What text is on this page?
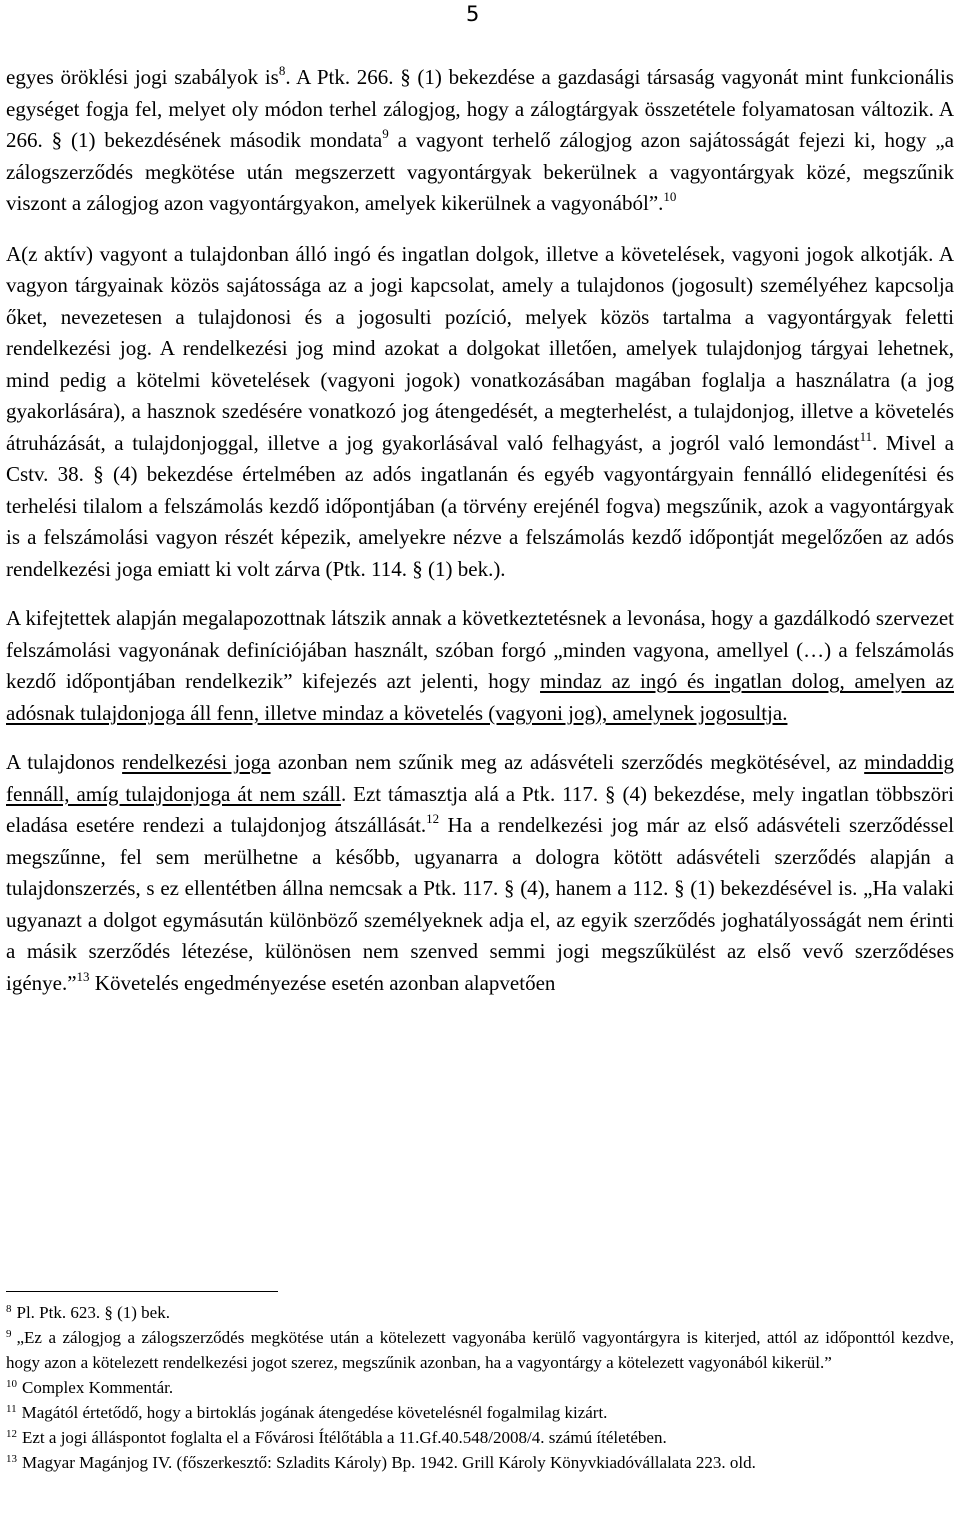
5

egyes öröklési jogi szabályok is$^8$. A Ptk. 266. § (1) bekezdése a gazdasági társaság vagyonát mint funkcionális egységet fogja fel, melyet oly módon terhel zálogjog, hogy a zálogtárgyak összetétele folyamatosan változik. A 266. § (1) bekezdésének második mondata$^9$ a vagyont terhelő zálogjog azon sajátosságát fejezi ki, hogy „a zálogszerződés megkötése után megszerzett vagyontárgyak bekerülnek a vagyontárgyak közé, megszűnik viszont a zálogjog azon vagyontárgyakon, amelyek kikerülnek a vagyonából”.$^{10}$

A(z aktív) vagyont a tulajdonban álló ingó és ingatlan dolgok, illetve a követelések, vagyoni jogok alkotják. A vagyon tárgyainak közös sajátossága az a jogi kapcsolat, amely a tulajdonos (jogosult) személyéhez kapcsolja őket, nevezetesen a tulajdonosi és a jogosulti pozíció, melyek közös tartalma a vagyontárgyak feletti rendelkezési jog. A rendelkezési jog mind azokat a dolgokat illetően, amelyek tulajdonjog tárgyai lehetnek, mind pedig a kötelmi követelések (vagyoni jogok) vonatkozásában magában foglalja a használatra (a jog gyakorlására), a hasznok szedésére vonatkozó jog átengedését, a megterhelést, a tulajdonjog, illetve a követelés átruházását, a tulajdonjoggal, illetve a jog gyakorlásával való felhagyást, a jogról való lemondást$^{11}$. Mivel a Cstv. 38. § (4) bekezdése értelmében az adós ingatlanán és egyéb vagyontárgyain fennálló elidegenítési és terhelési tilalom a felszámolás kezdő időpontjában (a törvény erejénél fogva) megszűnik, azok a vagyontárgyak is a felszámolási vagyon részét képezik, amelyekre nézve a felszámolás kezdő időpontját megelőzően az adós rendelkezési joga emiatt ki volt zárva (Ptk. 114. § (1) bek.).

A kifejtettek alapján megalapozottnak látszik annak a következtetésnek a levonása, hogy a gazdálkodó szervezet felszámolási vagyonának definíciójában használt, szóban forgó „minden vagyona, amellyel (…) a felszámolás kezdő időpontjában rendelkezik” kifejezés azt jelenti, hogy mindaz az ingó és ingatlan dolog, amelyen az adósnak tulajdonjoga áll fenn, illetve mindaz a követelés (vagyoni jog), amelynek jogosultja.

A tulajdonos rendelkezési joga azonban nem szűnik meg az adásvételi szerződés megkötésével, az mindaddig fennáll, amíg tulajdonjoga át nem száll. Ezt támasztja alá a Ptk. 117. § (4) bekezdése, mely ingatlan többszöri eladása esetére rendezi a tulajdonjog átszállását.$^{12}$ Ha a rendelkezési jog már az első adásvételi szerződéssel megszűnne, fel sem merülhetne a később, ugyanarra a dologra kötött adásvételi szerződés alapján a tulajdonszerzés, s ez ellentétben állna nemcsak a Ptk. 117. § (4), hanem a 112. § (1) bekezdésével is. „Ha valaki ugyanazt a dolgot egymásután különböző személyeknek adja el, az egyik szerződés joghatályosságát nem érinti a másik szerződés létezése, különösen nem szenved semmi jogi megszűkülést az első vevő szerződéses igénye.”$^{13}$ Követelés engedményezése esetén azonban alapvetően

$^8$ Pl. Ptk. 623. § (1) bek.

$^9$ „Ez a zálogjog a zálogszerződés megkötése után a kötelezett vagyonába kerülő vagyontárgyra is kiterjed, attól az időponttól kezdve, hogy azon a kötelezett rendelkezési jogot szerez, megszűnik azonban, ha a vagyontárgy a kötelezett vagyonából kikerül.”

$^{10}$ Complex Kommentár.

$^{11}$ Magától értetődő, hogy a birtoklás jogának átengedése követelésnél fogalmilag kizárt.

$^{12}$ Ezt a jogi álláspontot foglalta el a Fővárosi Ítélőtábla a 11.Gf.40.548/2008/4. számú ítéletében.

$^{13}$ Magyar Magánjog IV. (főszerkesztő: Szladits Károly) Bp. 1942. Grill Károly Könyvkiadóvállalata 223. old.
